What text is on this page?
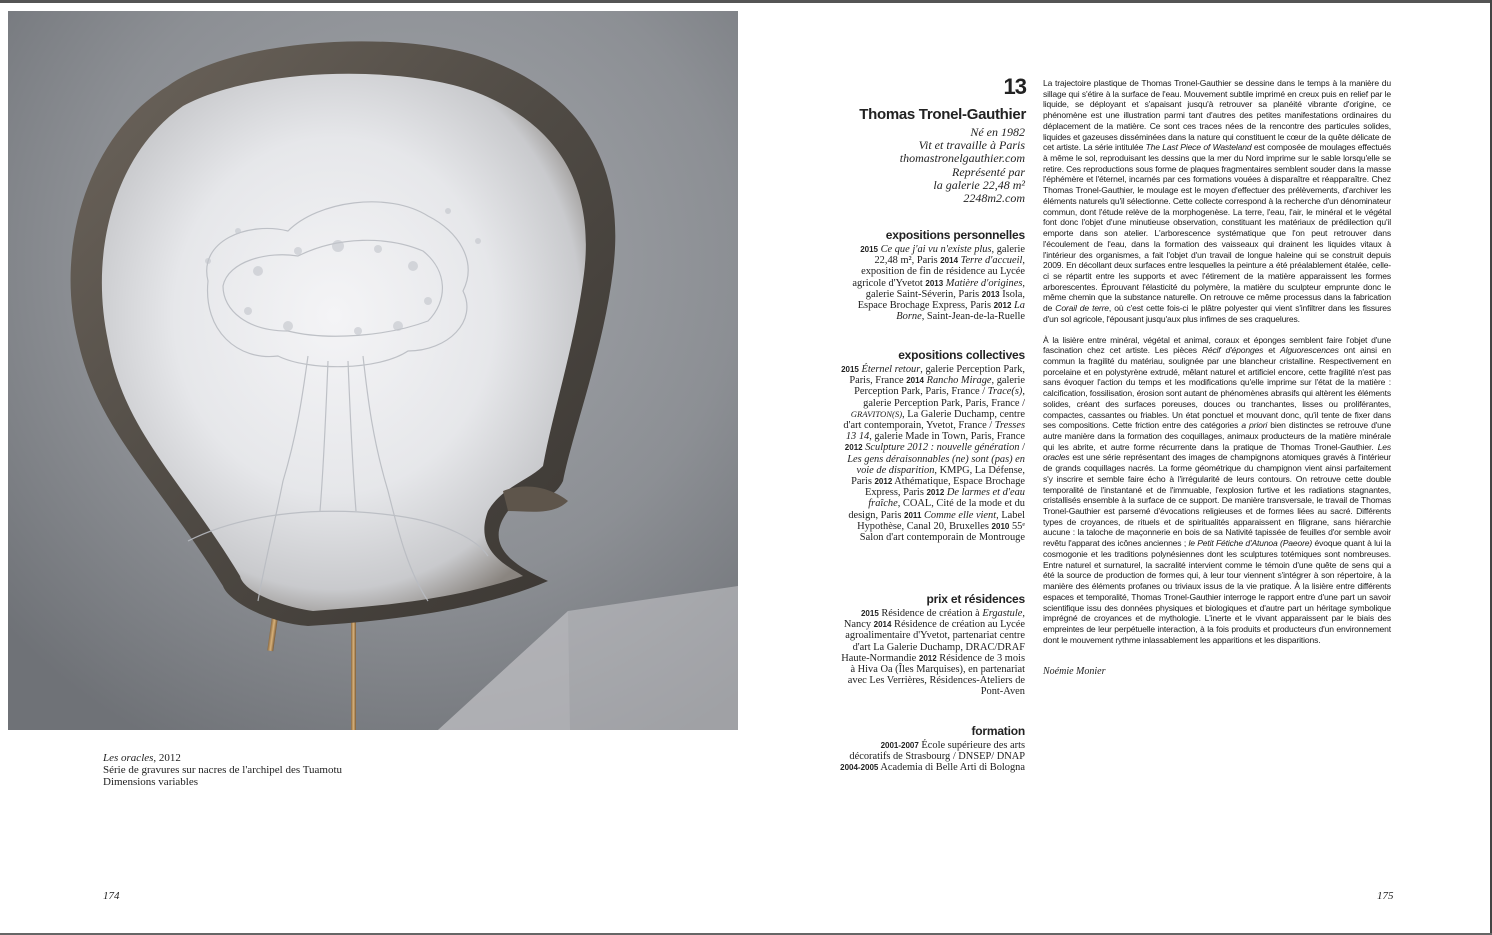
Les oracles, 2012
Série de gravures sur nacres de l'archipel des Tuamotu
Dimensions variables
174	175
13
Thomas Tronel-Gauthier
Né en 1982
Vit et travaille à Paris
thomastronelgauthier.com
Représenté par
la galerie 22,48 m²
2248m2.com
expositions personnelles
2015 Ce que j'ai vu n'existe plus, galerie 22,48 m², Paris 2014 Terre d'accueil, exposition de fin de résidence au Lycée agricole d'Yvetot 2013 Matière d'origines, galerie Saint-Séverin, Paris 2013 Isola, Espace Brochage Express, Paris 2012 La Borne, Saint-Jean-de-la-Ruelle
expositions collectives
2015 Éternel retour, galerie Perception Park, Paris, France 2014 Rancho Mirage, galerie Perception Park, Paris, France / Trace(s), galerie Perception Park, Paris, France / GRAVITON(S), La Galerie Duchamp, centre d'art contemporain, Yvetot, France / Tresses 13 14, galerie Made in Town, Paris, France 2012 Sculpture 2012 : nouvelle génération / Les gens déraisonnables (ne) sont (pas) en voie de disparition, KMPG, La Défense, Paris 2012 Athématique, Espace Brochage Express, Paris 2012 De larmes et d'eau fraîche, COAL, Cité de la mode et du design, Paris 2011 Comme elle vient, Label Hypothèse, Canal 20, Bruxelles 2010 55ᵉ Salon d'art contemporain de Montrouge
prix et résidences
2015 Résidence de création à Ergastule, Nancy 2014 Résidence de création au Lycée agroalimentaire d'Yvetot, partenariat centre d'art La Galerie Duchamp, DRAC/DRAF Haute-Normandie 2012 Résidence de 3 mois à Hiva Oa (Îles Marquises), en partenariat avec Les Verrières, Résidences-Ateliers de Pont-Aven
formation
2001-2007 École supérieure des arts décoratifs de Strasbourg / DNSEP/ DNAP 2004-2005 Academia di Belle Arti di Bologna

La trajectoire plastique de Thomas Tronel-Gauthier se dessine dans le temps à la manière du sillage qui s'étire à la surface de l'eau. Mouvement subtile imprimé en creux puis en relief par le liquide, se déployant et s'apaisant jusqu'à retrouver sa planéité vibrante d'origine, ce phénomène est une illustration parmi tant d'autres des petites manifestations ordinaires du déplacement de la matière. Ce sont ces traces nées de la rencontre des particules solides, liquides et gazeuses disséminées dans la nature qui constituent le cœur de la quête délicate de cet artiste. La série intitulée The Last Piece of Wasteland est composée de moulages effectués à même le sol, reproduisant les dessins que la mer du Nord imprime sur le sable lorsqu'elle se retire. Ces reproductions sous forme de plaques fragmentaires semblent souder dans la masse l'éphémère et l'éternel, incarnés par ces formations vouées à disparaître et réapparaître. Chez Thomas Tronel-Gauthier, le moulage est le moyen d'effectuer des prélèvements, d'archiver les éléments naturels qu'il sélectionne. Cette collecte correspond à la recherche d'un dénominateur commun, dont l'étude relève de la morphogenèse. La terre, l'eau, l'air, le minéral et le végétal font donc l'objet d'une minutieuse observation, constituant les matériaux de prédilection qu'il emporte dans son atelier. L'arborescence systématique que l'on peut retrouver dans l'écoulement de l'eau, dans la formation des vaisseaux qui drainent les liquides vitaux à l'intérieur des organismes, a fait l'objet d'un travail de longue haleine qui se construit depuis 2009. En décollant deux surfaces entre lesquelles la peinture a été préalablement étalée, celle-ci se répartit entre les supports et avec l'étirement de la matière apparaissent les formes arborescentes. Éprouvant l'élasticité du polymère, la matière du sculpteur emprunte donc le même chemin que la substance naturelle. On retrouve ce même processus dans la fabrication de Corail de terre, où c'est cette fois-ci le plâtre polyester qui vient s'infiltrer dans les fissures d'un sol agricole, l'épousant jusqu'aux plus infimes de ses craquelures.

À la lisière entre minéral, végétal et animal, coraux et éponges semblent faire l'objet d'une fascination chez cet artiste. Les pièces Récif d'éponges et Alguorescences ont ainsi en commun la fragilité du matériau, soulignée par une blancheur cristalline. Respectivement en porcelaine et en polystyrène extrudé, mêlant naturel et artificiel encore, cette fragilité n'est pas sans évoquer l'action du temps et les modifications qu'elle imprime sur l'état de la matière : calcification, fossilisation, érosion sont autant de phénomènes abrasifs qui altèrent les éléments solides, créant des surfaces poreuses, douces ou tranchantes, lisses ou proliférantes, compactes, cassantes ou friables. Un état ponctuel et mouvant donc, qu'il tente de fixer dans ses compositions. Cette friction entre des catégories a priori bien distinctes se retrouve d'une autre manière dans la formation des coquillages, animaux producteurs de la matière minérale qui les abrite, et autre forme récurrente dans la pratique de Thomas Tronel-Gauthier. Les oracles est une série représentant des images de champignons atomiques gravés à l'intérieur de grands coquillages nacrés. La forme géométrique du champignon vient ainsi parfaitement s'y inscrire et semble faire écho à l'irrégularité de leurs contours. On retrouve cette double temporalité de l'instantané et de l'immuable, l'explosion furtive et les radiations stagnantes, cristallisés ensemble à la surface de ce support. De manière transversale, le travail de Thomas Tronel-Gauthier est parsemé d'évocations religieuses et de formes liées au sacré. Différents types de croyances, de rituels et de spiritualités apparaissent en filigrane, sans hiérarchie aucune : la taloche de maçonnerie en bois de sa Nativité tapissée de feuilles d'or semble avoir revêtu l'apparat des icônes anciennes ; le Petit Fétiche d'Atunoa (Paeore) évoque quant à lui la cosmogonie et les traditions polynésiennes dont les sculptures totémiques sont nombreuses. Entre naturel et surnaturel, la sacralité intervient comme le témoin d'une quête de sens qui a été la source de production de formes qui, à leur tour viennent s'intégrer à son répertoire, à la manière des éléments profanes ou triviaux issus de la vie pratique. À la lisière entre différents espaces et temporalité, Thomas Tronel-Gauthier interroge le rapport entre d'une part un savoir scientifique issu des données physiques et biologiques et d'autre part un héritage symbolique imprégné de croyances et de mythologie. L'inerte et le vivant apparaissent par le biais des empreintes de leur perpétuelle interaction, à la fois produits et producteurs d'un environnement dont le mouvement rythme inlassablement les apparitions et les disparitions.

Noémie Monier
